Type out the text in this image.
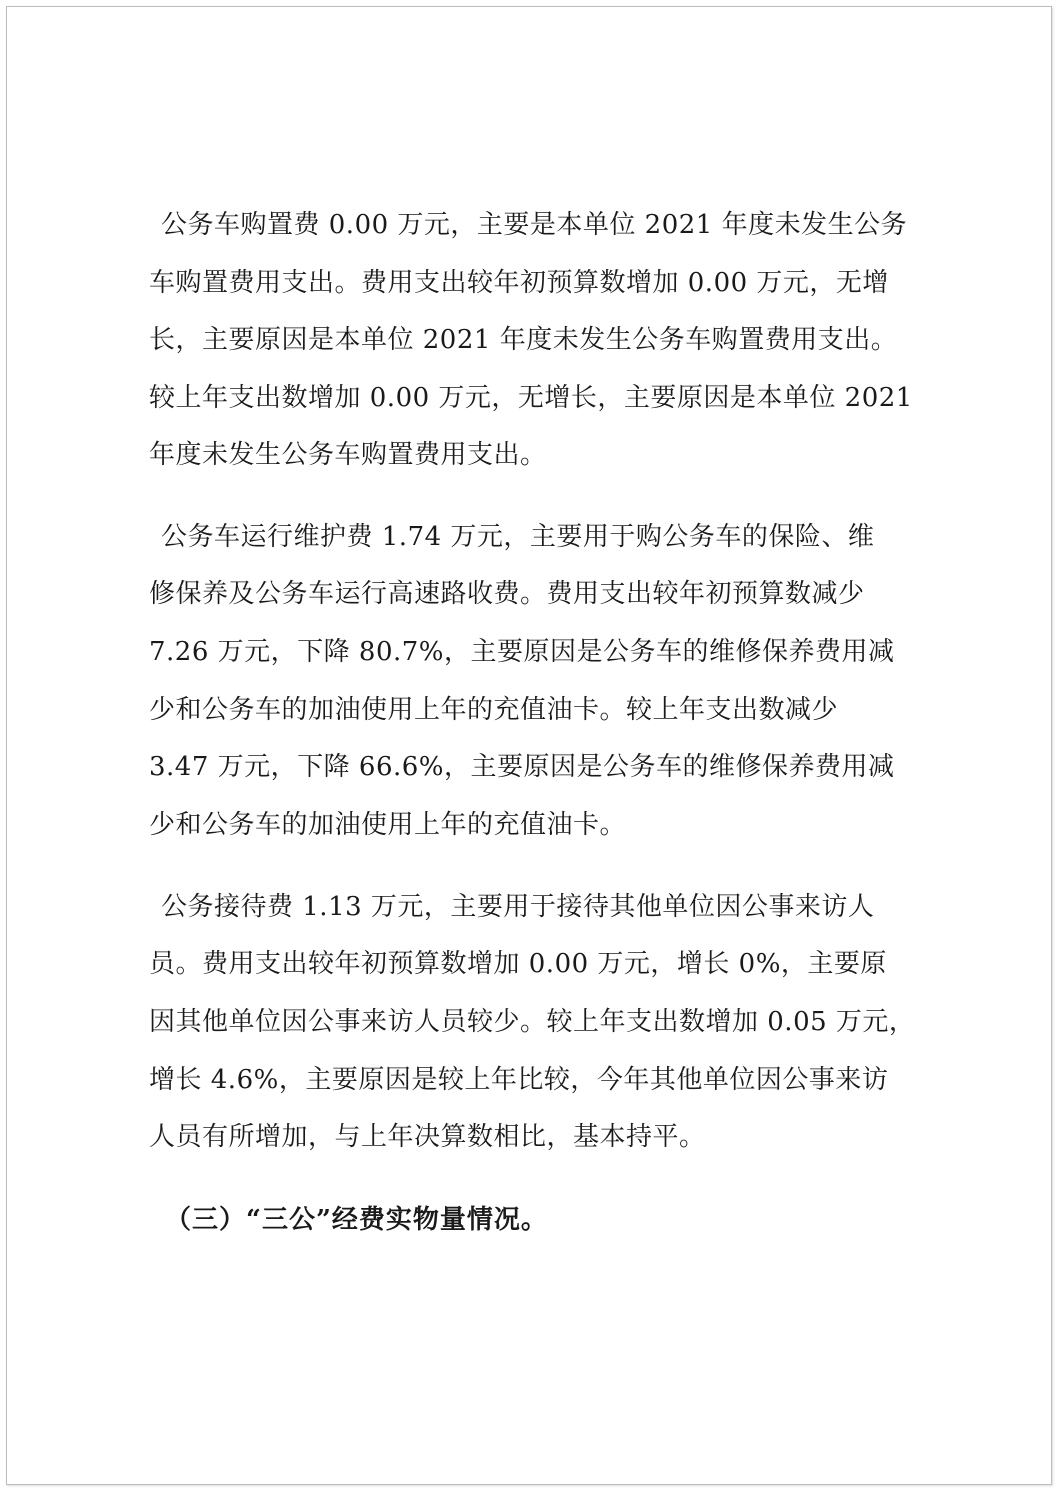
公务车购置费 0.00 万元，主要是本单位 2021 年度未发生公务
车购置费用支出。费用支出较年初预算数增加 0.00 万元，无增
长，主要原因是本单位 2021 年度未发生公务车购置费用支出。
较上年支出数增加 0.00 万元，无增长，主要原因是本单位 2021
年度未发生公务车购置费用支出。
公务车运行维护费 1.74 万元，主要用于购公务车的保险、维
修保养及公务车运行高速路收费。费用支出较年初预算数减少
7.26 万元，下降 80.7%，主要原因是公务车的维修保养费用减
少和公务车的加油使用上年的充值油卡。较上年支出数减少
3.47 万元，下降 66.6%，主要原因是公务车的维修保养费用减
少和公务车的加油使用上年的充值油卡。
公务接待费 1.13 万元，主要用于接待其他单位因公事来访人
员。费用支出较年初预算数增加 0.00 万元，增长 0%，主要原
因其他单位因公事来访人员较少。较上年支出数增加 0.05 万元，
增长 4.6%，主要原因是较上年比较，今年其他单位因公事来访
人员有所增加，与上年决算数相比，基本持平。
（三）“三公”经费实物量情况。
